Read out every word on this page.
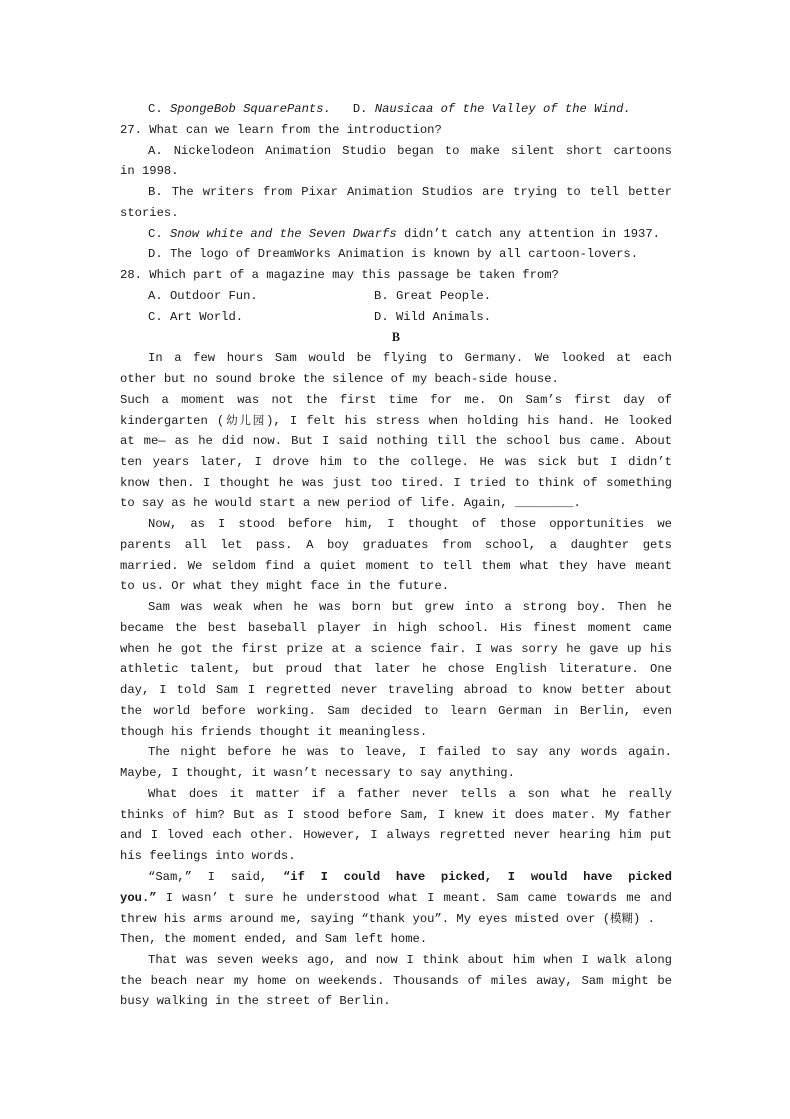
C. SpongeBob SquarePants. D. Nausicaa of the Valley of the Wind.
27. What can we learn from the introduction?
A. Nickelodeon Animation Studio began to make silent short cartoons
in 1998.
B. The writers from Pixar Animation Studios are trying to tell better
stories.
C. Snow white and the Seven Dwarfs didn’t catch any attention in 1937.
D. The logo of DreamWorks Animation is known by all cartoon-lovers.
28. Which part of a magazine may this passage be taken from?
A. Outdoor Fun.	B. Great People.
C. Art World.	D. Wild Animals.
B
In a few hours Sam would be flying to Germany. We looked at each
other but no sound broke the silence of my beach-side house.
Such a moment was not the first time for me. On Sam’s first day of
kindergarten (幼儿园), I felt his stress when holding his hand. He looked
at me— as he did now. But I said nothing till the school bus came. About
ten years later, I drove him to the college. He was sick but I didn’t
know then. I thought he was just too tired. I tried to think of something
to say as he would start a new period of life. Again, ________.
Now, as I stood before him, I thought of those opportunities we
parents all let pass. A boy graduates from school, a daughter gets
married. We seldom find a quiet moment to tell them what they have meant
to us. Or what they might face in the future.
Sam was weak when he was born but grew into a strong boy. Then he
became the best baseball player in high school. His finest moment came
when he got the first prize at a science fair. I was sorry he gave up his
athletic talent, but proud that later he chose English literature. One
day, I told Sam I regretted never traveling abroad to know better about
the world before working. Sam decided to learn German in Berlin, even
though his friends thought it meaningless.
The night before he was to leave, I failed to say any words again.
Maybe, I thought, it wasn’t necessary to say anything.
What does it matter if a father never tells a son what he really
thinks of him? But as I stood before Sam, I knew it does mater. My father
and I loved each other. However, I always regretted never hearing him put
his feelings into words.
“Sam,” I said, “if I could have picked, I would have picked
you.” I wasn’ t sure he understood what I meant. Sam came towards me and
threw his arms around me, saying “thank you”. My eyes misted over (模糊) .
Then, the moment ended, and Sam left home.
That was seven weeks ago, and now I think about him when I walk along
the beach near my home on weekends. Thousands of miles away, Sam might be
busy walking in the street of Berlin.
